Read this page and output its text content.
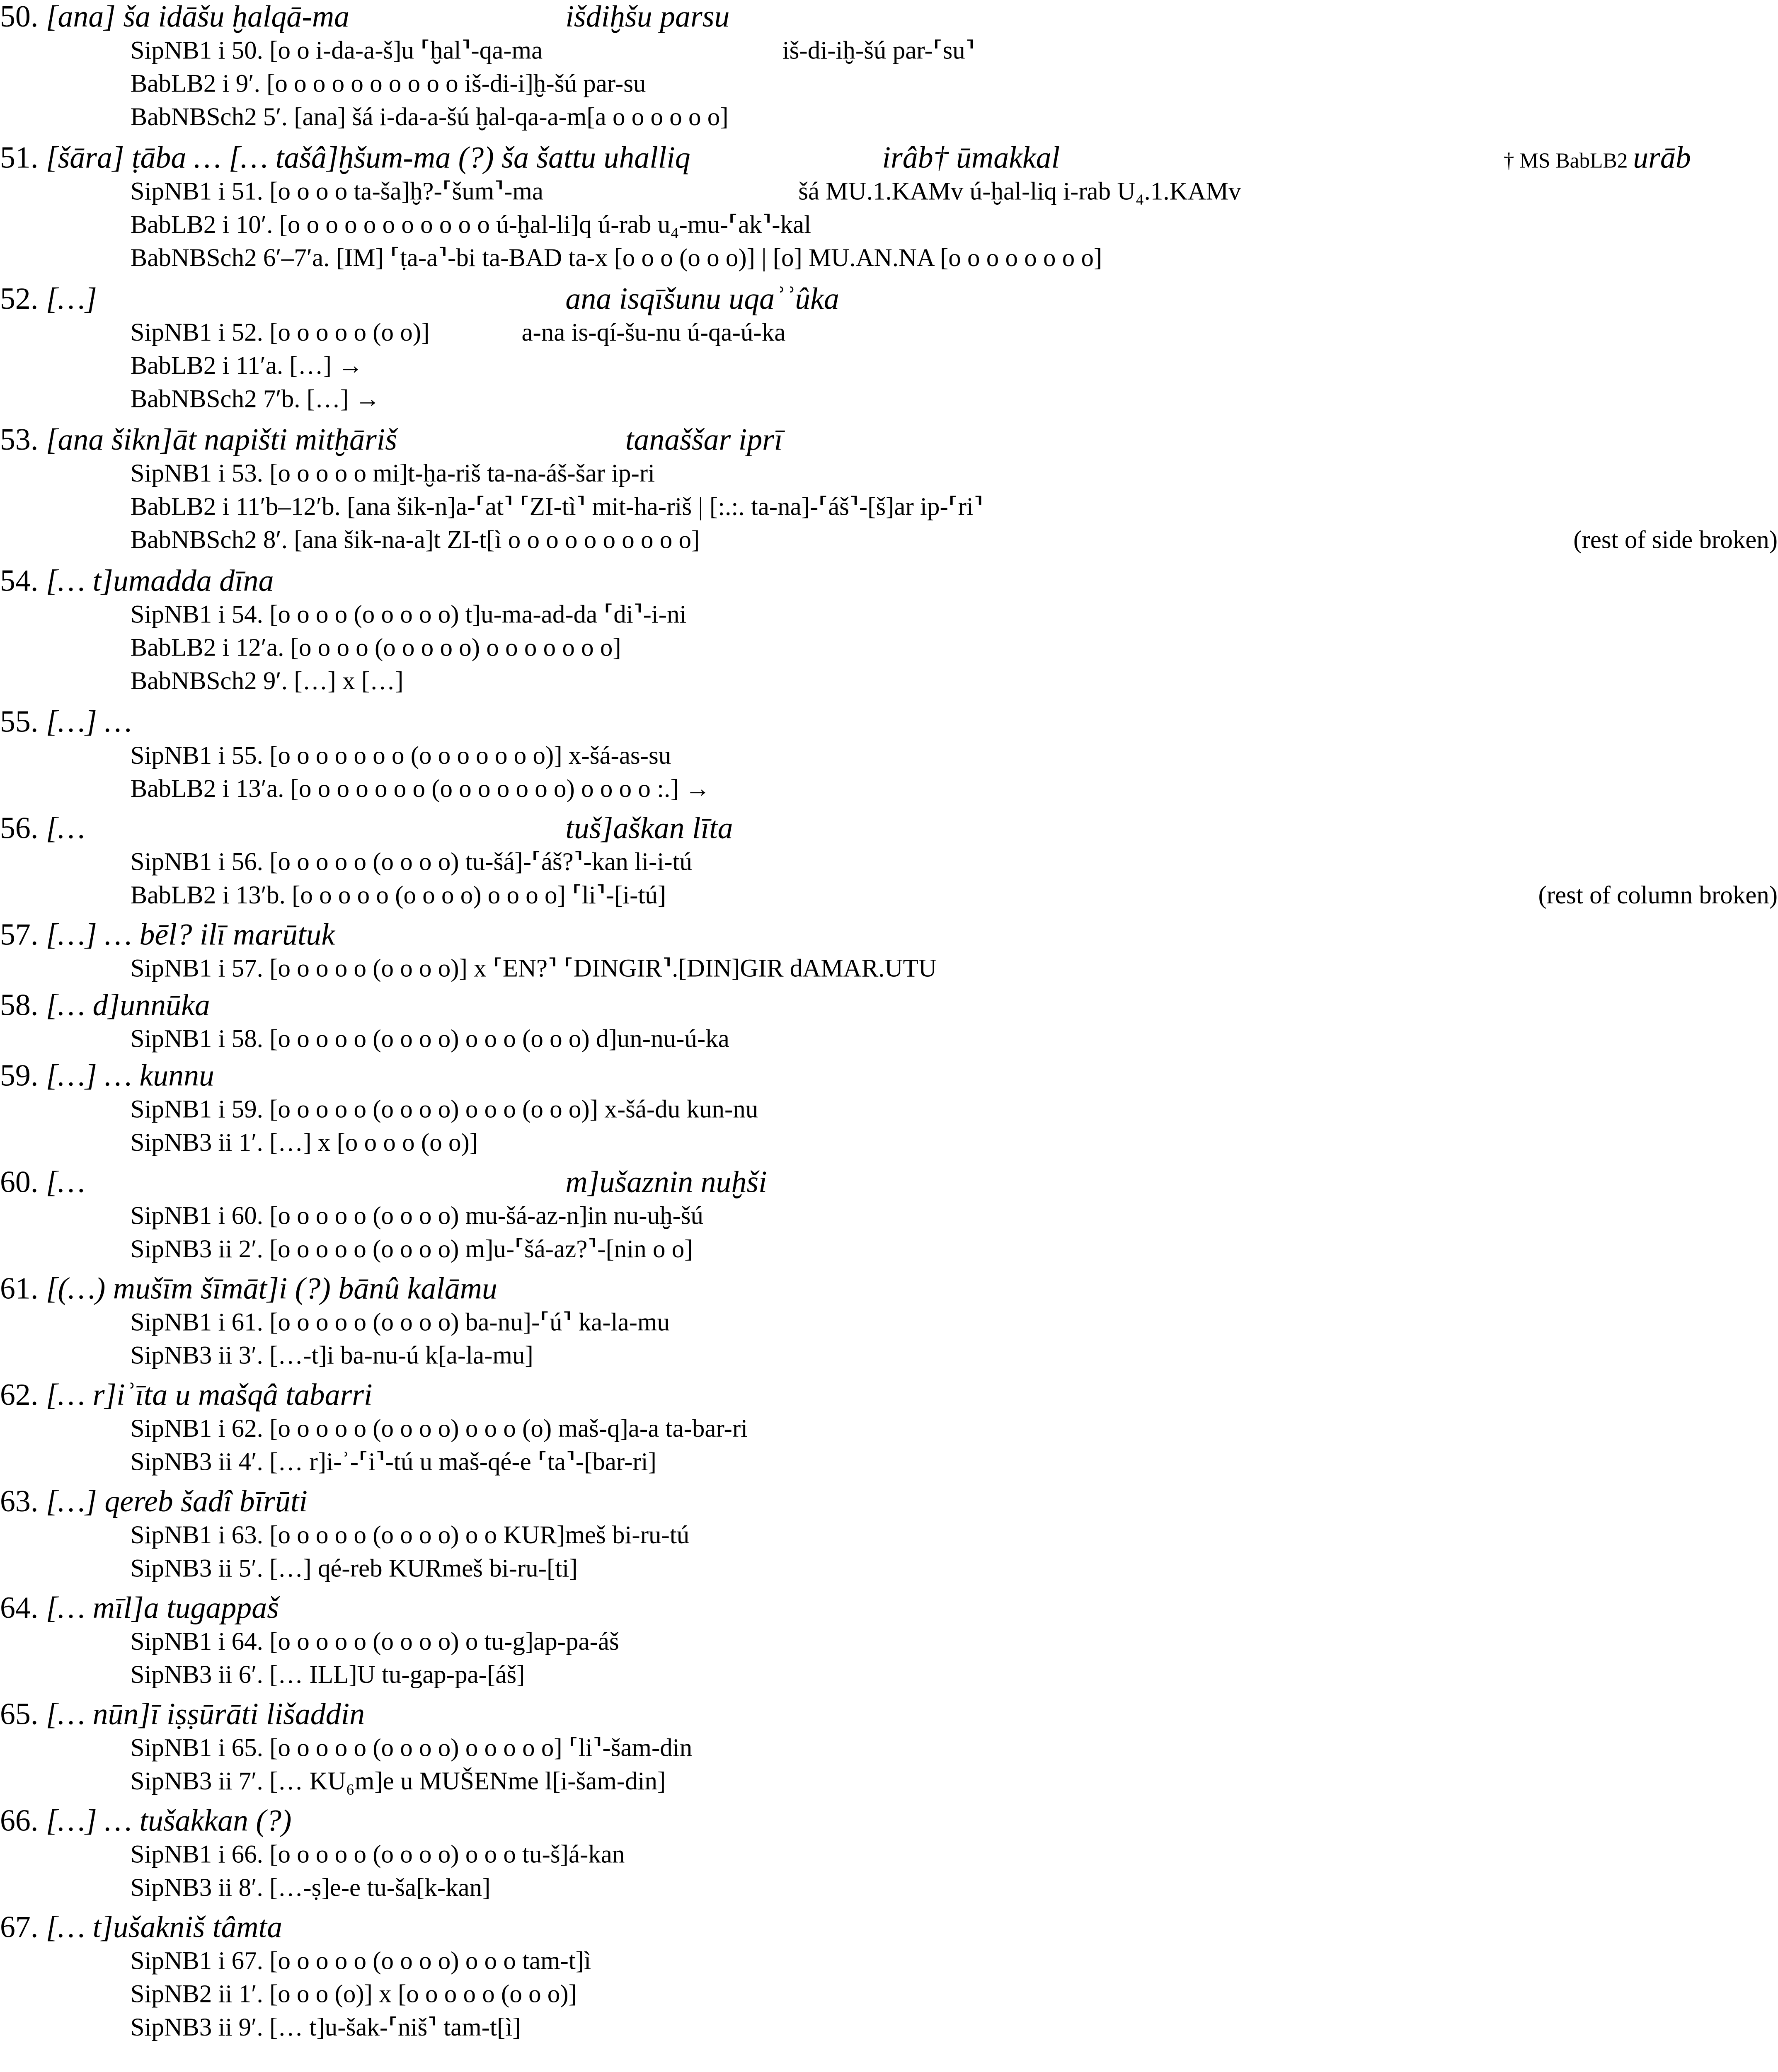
50. [ana] ša idāšu ḫalqā-ma	išdiḫšu parsu
SipNB1 i 50. [o o i-da-a-š]u ⸢ḫal⸣-qa-ma	iš-di-iḫ-šú par-⸢su⸣
BabLB2 i 9′. [o o o o o o o o o o iš-di-i]ḫ-šú par-su
BabNBSch2 5′. [ana] šá i-da-a-šú ḫal-qa-a-m[a o o o o o o]
51. [šāra] ṭāba … [… tašâ]ḫšum-ma (?) ša šattu uhalliq	irâb† ūmakkal	† MS BabLB2 urāb
SipNB1 i 51. [o o o o ta-ša]ḫ?-⸢šum⸣-ma	šá MU.1.KAMv ú-ḫal-liq i-rab U₄.1.KAMv
BabLB2 i 10′. [o o o o o o o o o o o ú-ḫal-li]q ú-rab u₄-mu-⸢ak⸣-kal
BabNBSch2 6′–7′a. [IM] ⸢ṭa-a⸣-bi ta-BAD ta-x [o o o (o o o)] | [o] MU.AN.NA [o o o o o o o o]
52. […]	ana isqīšunu uqaʾʾûka
SipNB1 i 52. [o o o o o (o o)]	a-na is-qí-šu-nu ú-qa-ú-ka
BabLB2 i 11′a. […] →
BabNBSch2 7′b. […] →
53. [ana šikn]āt napišti mitḫāriš	tanaššar iprī
SipNB1 i 53. [o o o o o mi]t-ḫa-riš ta-na-áš-šar ip-ri
BabLB2 i 11′b–12′b. [ana šik-n]a-⸢at⸣ ⸢ZI-tì⸣ mit-ha-riš | [:.:. ta-na]-⸢áš⸣-[š]ar ip-⸢ri⸣
BabNBSch2 8′. [ana šik-na-a]t ZI-t[ì o o o o o o o o o o]	(rest of side broken)
54. [… t]umadda dīna
SipNB1 i 54. [o o o o (o o o o o) t]u-ma-ad-da ⸢di⸣-i-ni
BabLB2 i 12′a. [o o o o (o o o o o) o o o o o o o]
BabNBSch2 9′. […] x […]
55. […] …
SipNB1 i 55. [o o o o o o o (o o o o o o o)] x-šá-as-su
BabLB2 i 13′a. [o o o o o o o (o o o o o o o) o o o o :.] →
56. […	tuš]aškan līta
SipNB1 i 56. [o o o o o (o o o o) tu-šá]-⸢áš?⸣-kan li-i-tú
BabLB2 i 13′b. [o o o o o (o o o o) o o o o] ⸢li⸣-[i-tú]	(rest of column broken)
57. […] … bēl? ilī marūtuk
SipNB1 i 57. [o o o o o (o o o o)] x ⸢EN?⸣ ⸢DINGIR⸣.[DIN]GIR dAMAR.UTU
58. [… d]unnūka
SipNB1 i 58. [o o o o o (o o o o) o o o (o o o) d]un-nu-ú-ka
59. […] … kunnu
SipNB1 i 59. [o o o o o (o o o o) o o o (o o o)] x-šá-du kun-nu
SipNB3 ii 1′. […] x [o o o o (o o)]
60. […	m]ušaznin nuḫši
SipNB1 i 60. [o o o o o (o o o o) mu-šá-az-n]in nu-uḫ-šú
SipNB3 ii 2′. [o o o o o (o o o o) m]u-⸢šá-az?⸣-[nin o o]
61. [(…) mušīm šīmāt]i (?) bānû kalāmu
SipNB1 i 61. [o o o o o (o o o o) ba-nu]-⸢ú⸣ ka-la-mu
SipNB3 ii 3′. […-t]i ba-nu-ú k[a-la-mu]
62. [… r]iʾīta u mašqâ tabarri
SipNB1 i 62. [o o o o o (o o o o) o o o (o) maš-q]a-a ta-bar-ri
SipNB3 ii 4′. [… r]i-ʾ-⸢i⸣-tú u maš-qé-e ⸢ta⸣-[bar-ri]
63. […] qereb šadî bīrūti
SipNB1 i 63. [o o o o o (o o o o) o o KUR]meš bi-ru-tú
SipNB3 ii 5′. […] qé-reb KURmeš bi-ru-[ti]
64. [… mīl]a tugappaš
SipNB1 i 64. [o o o o o (o o o o) o tu-g]ap-pa-áš
SipNB3 ii 6′. [… ILL]U tu-gap-pa-[áš]
65. [… nūn]ī iṣṣūrāti lišaddin
SipNB1 i 65. [o o o o o (o o o o) o o o o o] ⸢li⸣-šam-din
SipNB3 ii 7′. [… KU₆m]e u MUŠENme l[i-šam-din]
66. […] … tušakkan (?)
SipNB1 i 66. [o o o o o (o o o o) o o o tu-š]á-kan
SipNB3 ii 8′. […-ṣ]e-e tu-ša[k-kan]
67. [… t]ušakniš tâmta
SipNB1 i 67. [o o o o o (o o o o) o o o tam-t]ì
SipNB2 ii 1′. [o o o (o)] x [o o o o o (o o o)]
SipNB3 ii 9′. [… t]u-šak-⸢niš⸣ tam-t[ì]
